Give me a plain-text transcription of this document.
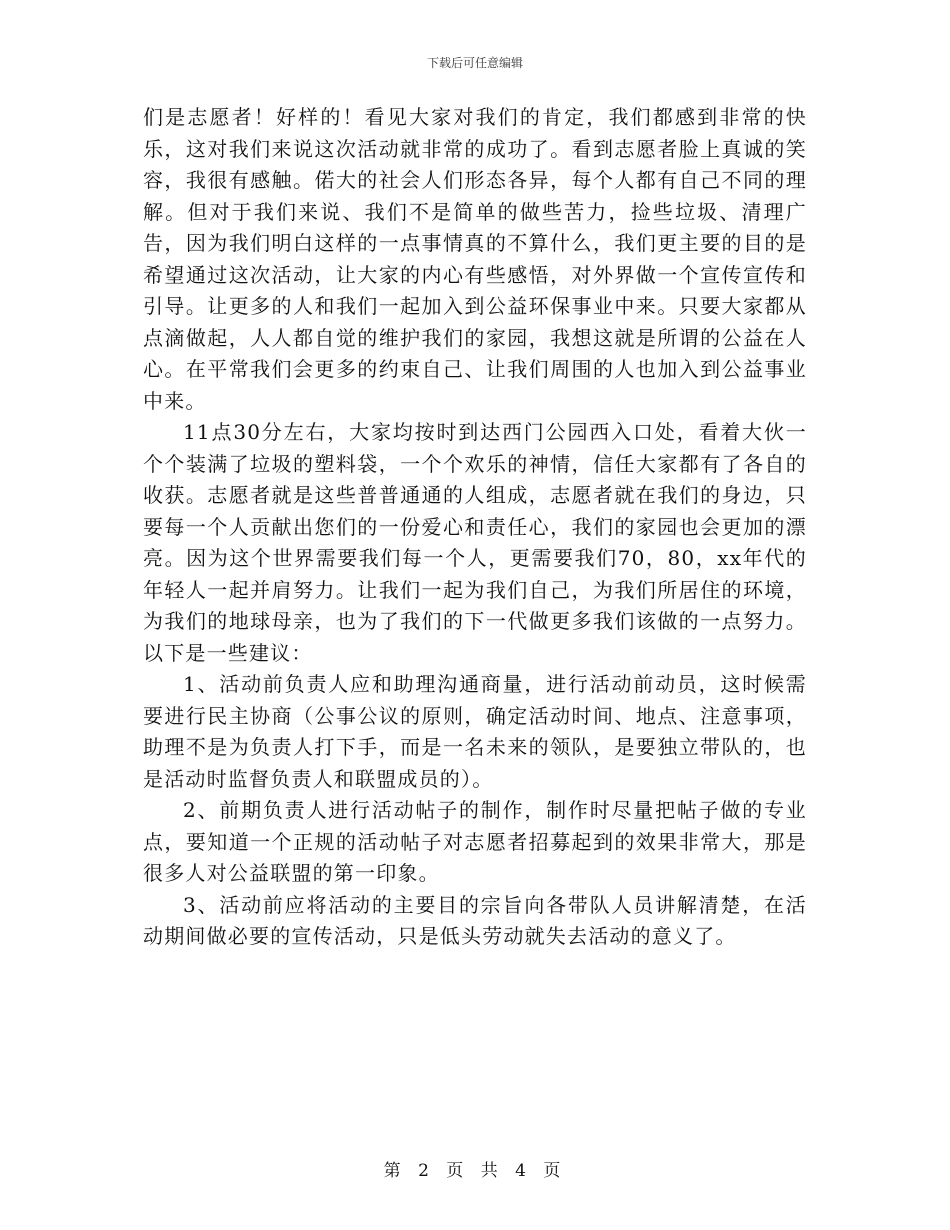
下载后可任意编辑

们是志愿者！好样的！看见大家对我们的肯定，我们都感到非常的快乐，这对我们来说这次活动就非常的成功了。看到志愿者脸上真诚的笑容，我很有感触。偌大的社会人们形态各异，每个人都有自己不同的理解。但对于我们来说、我们不是简单的做些苦力，捡些垃圾、清理广告，因为我们明白这样的一点事情真的不算什么，我们更主要的目的是希望通过这次活动，让大家的内心有些感悟，对外界做一个宣传宣传和引导。让更多的人和我们一起加入到公益环保事业中来。只要大家都从点滴做起，人人都自觉的维护我们的家园，我想这就是所谓的公益在人心。在平常我们会更多的约束自己、让我们周围的人也加入到公益事业中来。

11点30分左右，大家均按时到达西门公园西入口处，看着大伙一个个装满了垃圾的塑料袋，一个个欢乐的神情，信任大家都有了各自的收获。志愿者就是这些普普通通的人组成，志愿者就在我们的身边，只要每一个人贡献出您们的一份爱心和责任心，我们的家园也会更加的漂亮。因为这个世界需要我们每一个人，更需要我们70，80，xx年代的年轻人一起并肩努力。让我们一起为我们自己，为我们所居住的环境，为我们的地球母亲，也为了我们的下一代做更多我们该做的一点努力。以下是一些建议：

1、活动前负责人应和助理沟通商量，进行活动前动员，这时候需要进行民主协商（公事公议的原则，确定活动时间、地点、注意事项，助理不是为负责人打下手，而是一名未来的领队，是要独立带队的，也是活动时监督负责人和联盟成员的）。

2、前期负责人进行活动帖子的制作，制作时尽量把帖子做的专业点，要知道一个正规的活动帖子对志愿者招募起到的效果非常大，那是很多人对公益联盟的第一印象。

3、活动前应将活动的主要目的宗旨向各带队人员讲解清楚，在活动期间做必要的宣传活动，只是低头劳动就失去活动的意义了。

第 2 页 共 4 页
